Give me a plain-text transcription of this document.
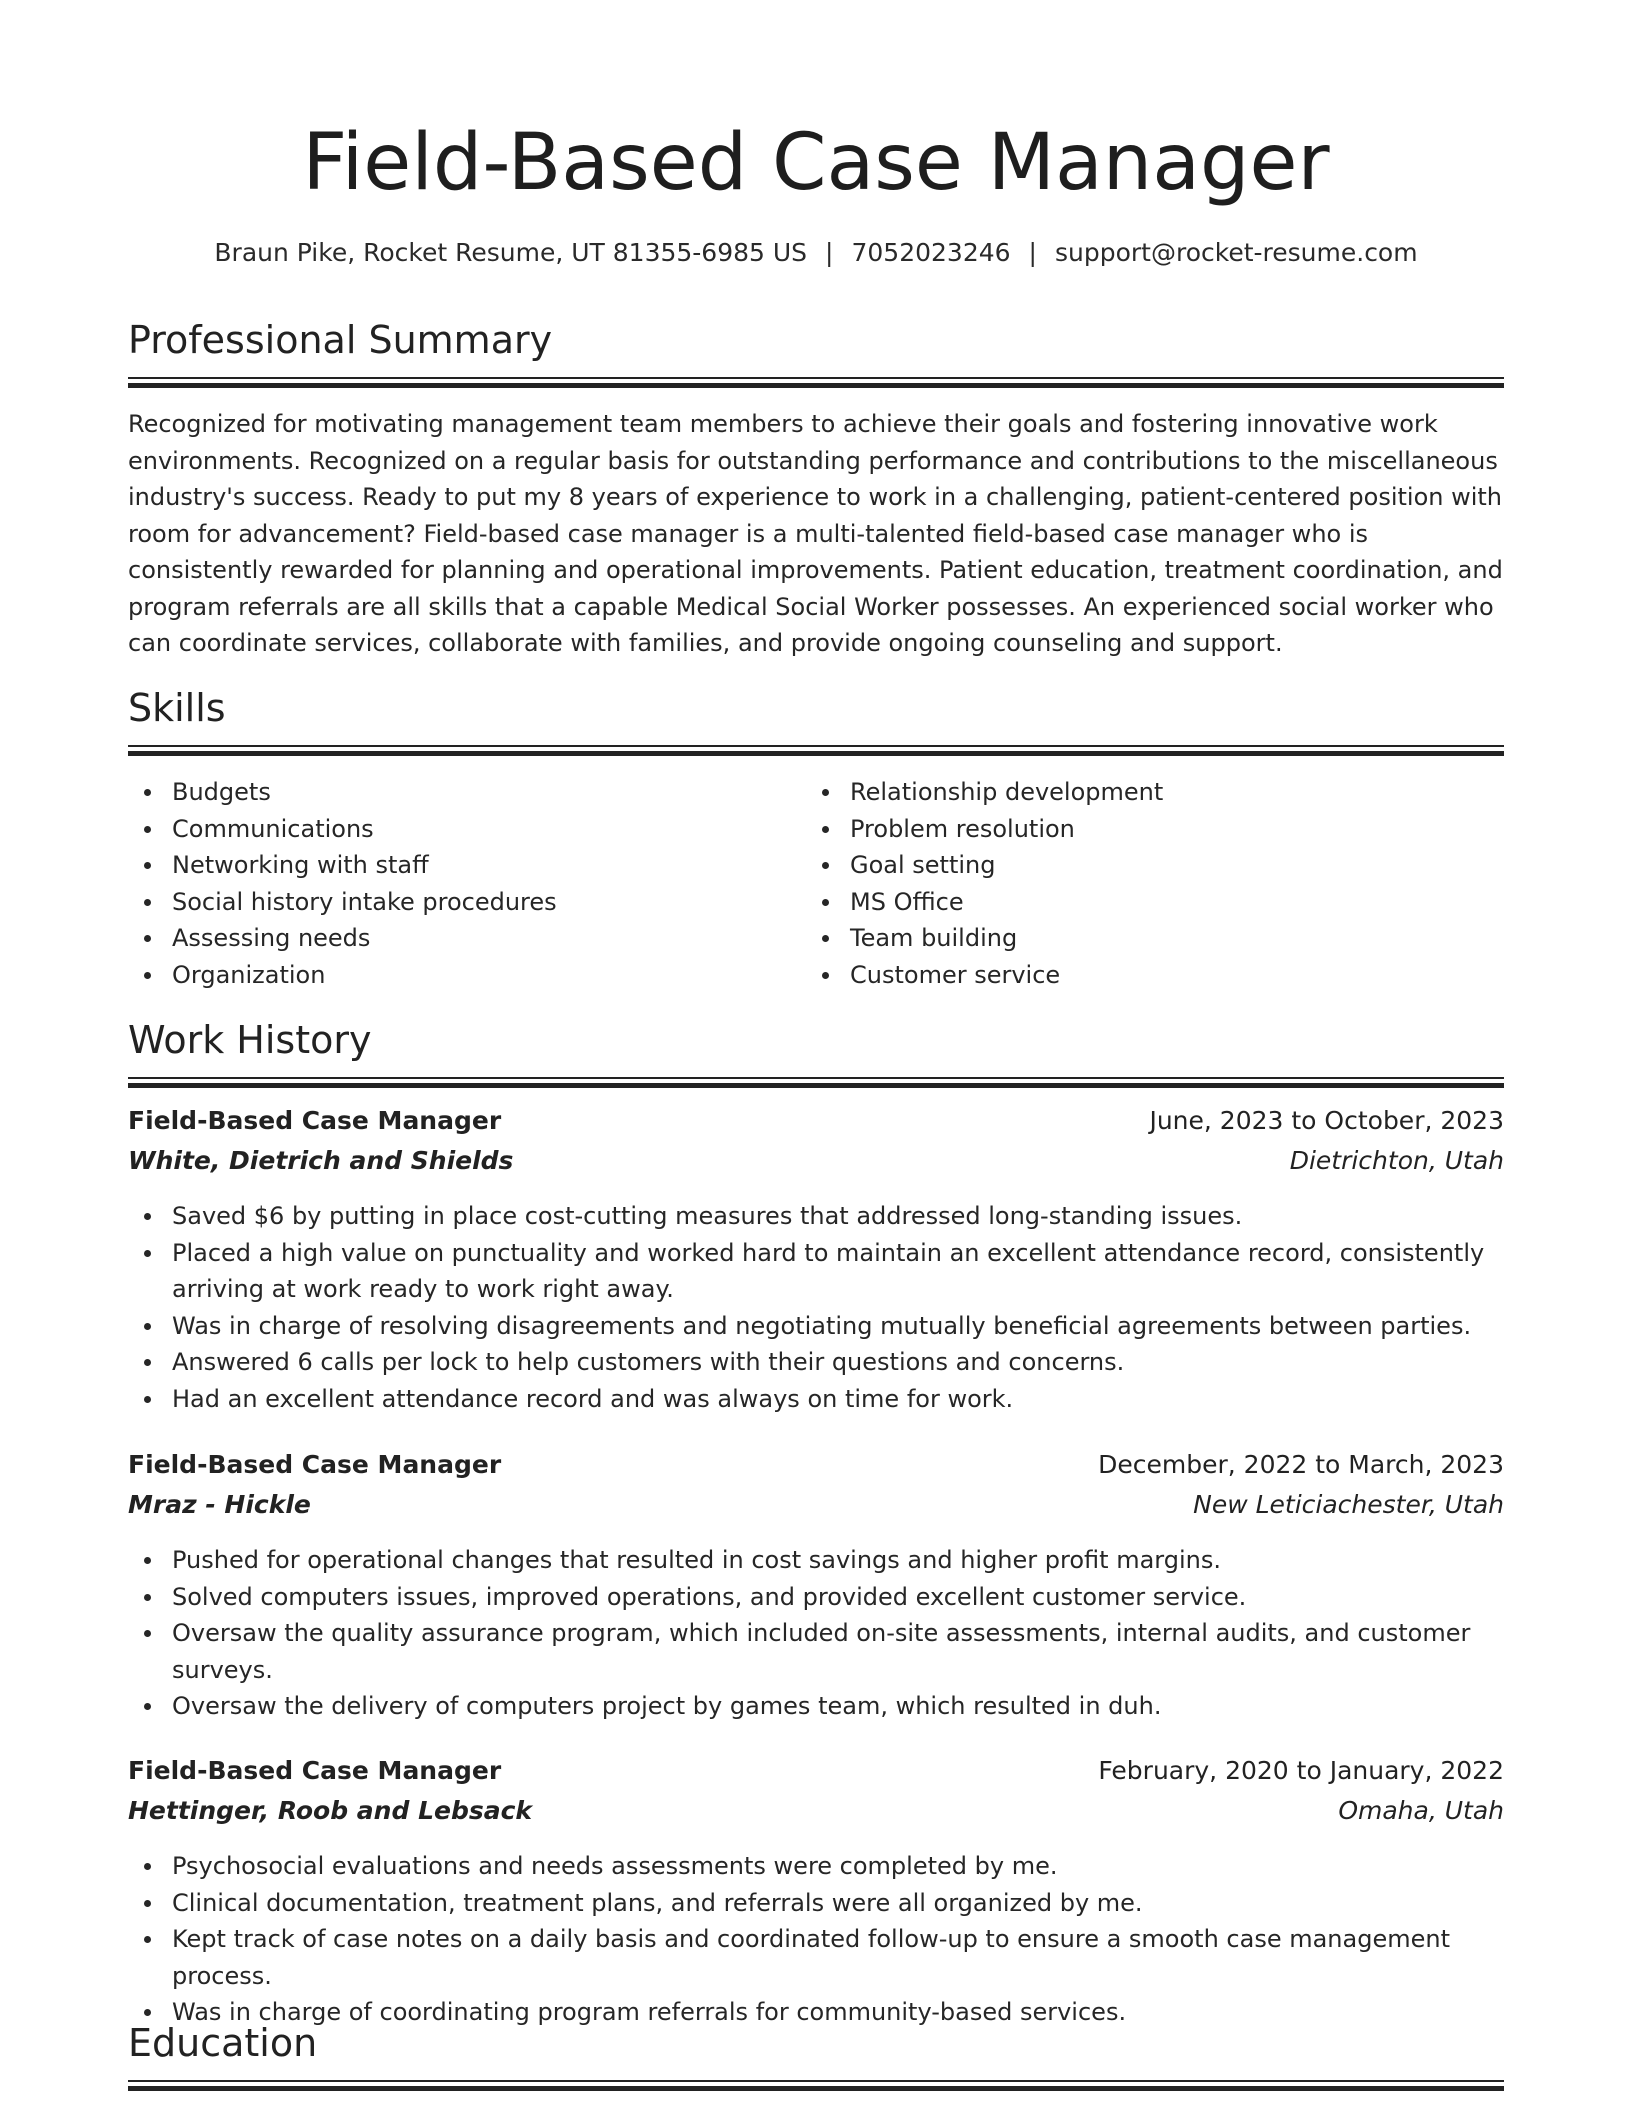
Field-Based Case Manager
Braun Pike, Rocket Resume, UT 81355-6985 US | 7052023246 | support@rocket-resume.com
Professional Summary

Recognized for motivating management team members to achieve their goals and fostering innovative work environments. Recognized on a regular basis for outstanding performance and contributions to the miscellaneous industry's success. Ready to put my 8 years of experience to work in a challenging, patient-centered position with room for advancement? Field-based case manager is a multi-talented field-based case manager who is consistently rewarded for planning and operational improvements. Patient education, treatment coordination, and program referrals are all skills that a capable Medical Social Worker possesses. An experienced social worker who can coordinate services, collaborate with families, and provide ongoing counseling and support.

Skills
Budgets
Communications
Networking with staff
Social history intake procedures
Assessing needs
Organization
Relationship development
Problem resolution
Goal setting
MS Office
Team building
Customer service
Work History
Field-Based Case Manager	June, 2023 to October, 2023
White, Dietrich and Shields	Dietrichton, Utah
Saved $6 by putting in place cost-cutting measures that addressed long-standing issues.
Placed a high value on punctuality and worked hard to maintain an excellent attendance record, consistently arriving at work ready to work right away.
Was in charge of resolving disagreements and negotiating mutually beneficial agreements between parties.
Answered 6 calls per lock to help customers with their questions and concerns.
Had an excellent attendance record and was always on time for work.
Field-Based Case Manager	December, 2022 to March, 2023
Mraz - Hickle	New Leticiachester, Utah
Pushed for operational changes that resulted in cost savings and higher profit margins.
Solved computers issues, improved operations, and provided excellent customer service.
Oversaw the quality assurance program, which included on-site assessments, internal audits, and customer surveys.
Oversaw the delivery of computers project by games team, which resulted in duh.
Field-Based Case Manager	February, 2020 to January, 2022
Hettinger, Roob and Lebsack	Omaha, Utah
Psychosocial evaluations and needs assessments were completed by me.
Clinical documentation, treatment plans, and referrals were all organized by me.
Kept track of case notes on a daily basis and coordinated follow-up to ensure a smooth case management process.
Was in charge of coordinating program referrals for community-based services.
Education
